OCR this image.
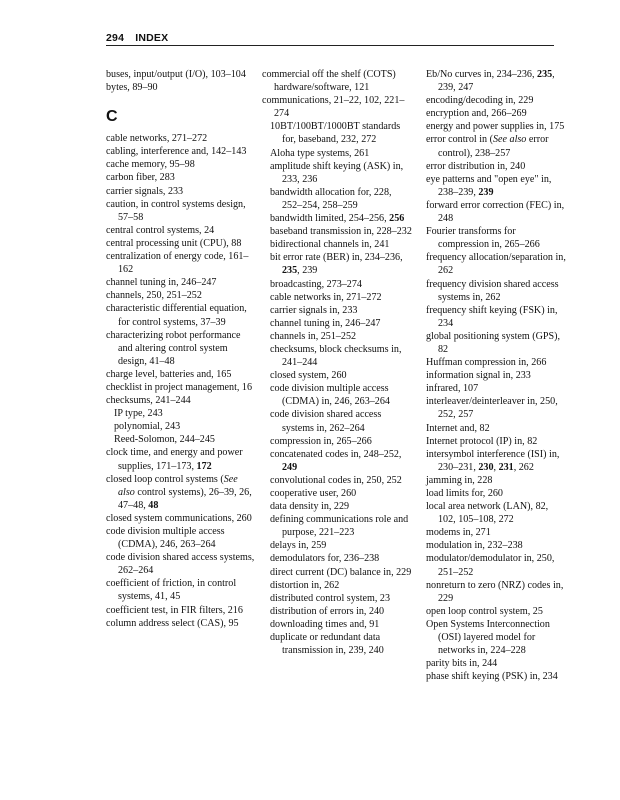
294 INDEX
buses, input/output (I/O), 103–104
bytes, 89–90
C
cable networks, 271–272
cabling, interference and, 142–143
cache memory, 95–98
carbon fiber, 283
carrier signals, 233
caution, in control systems design, 57–58
central control systems, 24
central processing unit (CPU), 88
centralization of energy code, 161–162
channel tuning in, 246–247
channels, 250, 251–252
characteristic differential equation, for control systems, 37–39
characterizing robot performance and altering control system design, 41–48
charge level, batteries and, 165
checklist in project management, 16
checksums, 241–244
IP type, 243
polynomial, 243
Reed-Solomon, 244–245
clock time, and energy and power supplies, 171–173, 172
closed loop control systems (See also control systems), 26–39, 26, 47–48, 48
closed system communications, 260
code division multiple access (CDMA), 246, 263–264
code division shared access systems, 262–264
coefficient of friction, in control systems, 41, 45
coefficient test, in FIR filters, 216
column address select (CAS), 95
commercial off the shelf (COTS) hardware/software, 121
communications, 21–22, 102, 221–274
10BT/100BT/1000BT standards for, baseband, 232, 272
Aloha type systems, 261
amplitude shift keying (ASK) in, 233, 236
bandwidth allocation for, 228, 252–254, 258–259
bandwidth limited, 254–256, 256
baseband transmission in, 228–232
bidirectional channels in, 241
bit error rate (BER) in, 234–236, 235, 239
broadcasting, 273–274
cable networks in, 271–272
carrier signals in, 233
channel tuning in, 246–247
channels in, 251–252
checksums, block checksums in, 241–244
closed system, 260
code division multiple access (CDMA) in, 246, 263–264
code division shared access systems in, 262–264
compression in, 265–266
concatenated codes in, 248–252, 249
convolutional codes in, 250, 252
cooperative user, 260
data density in, 229
defining communications role and purpose, 221–223
delays in, 259
demodulators for, 236–238
direct current (DC) balance in, 229
distortion in, 262
distributed control system, 23
distribution of errors in, 240
downloading times and, 91
duplicate or redundant data transmission in, 239, 240
Eb/No curves in, 234–236, 235, 239, 247
encoding/decoding in, 229
encryption and, 266–269
energy and power supplies in, 175
error control in (See also error control), 238–257
error distribution in, 240
eye patterns and "open eye" in, 238–239, 239
forward error correction (FEC) in, 248
Fourier transforms for compression in, 265–266
frequency allocation/separation in, 262
frequency division shared access systems in, 262
frequency shift keying (FSK) in, 234
global positioning system (GPS), 82
Huffman compression in, 266
information signal in, 233
infrared, 107
interleaver/deinterleaver in, 250, 252, 257
Internet and, 82
Internet protocol (IP) in, 82
intersymbol interference (ISI) in, 230–231, 230, 231, 262
jamming in, 228
load limits for, 260
local area network (LAN), 82, 102, 105–108, 272
modems in, 271
modulation in, 232–238
modulator/demodulator in, 250, 251–252
nonreturn to zero (NRZ) codes in, 229
open loop control system, 25
Open Systems Interconnection (OSI) layered model for networks in, 224–228
parity bits in, 244
phase shift keying (PSK) in, 234
